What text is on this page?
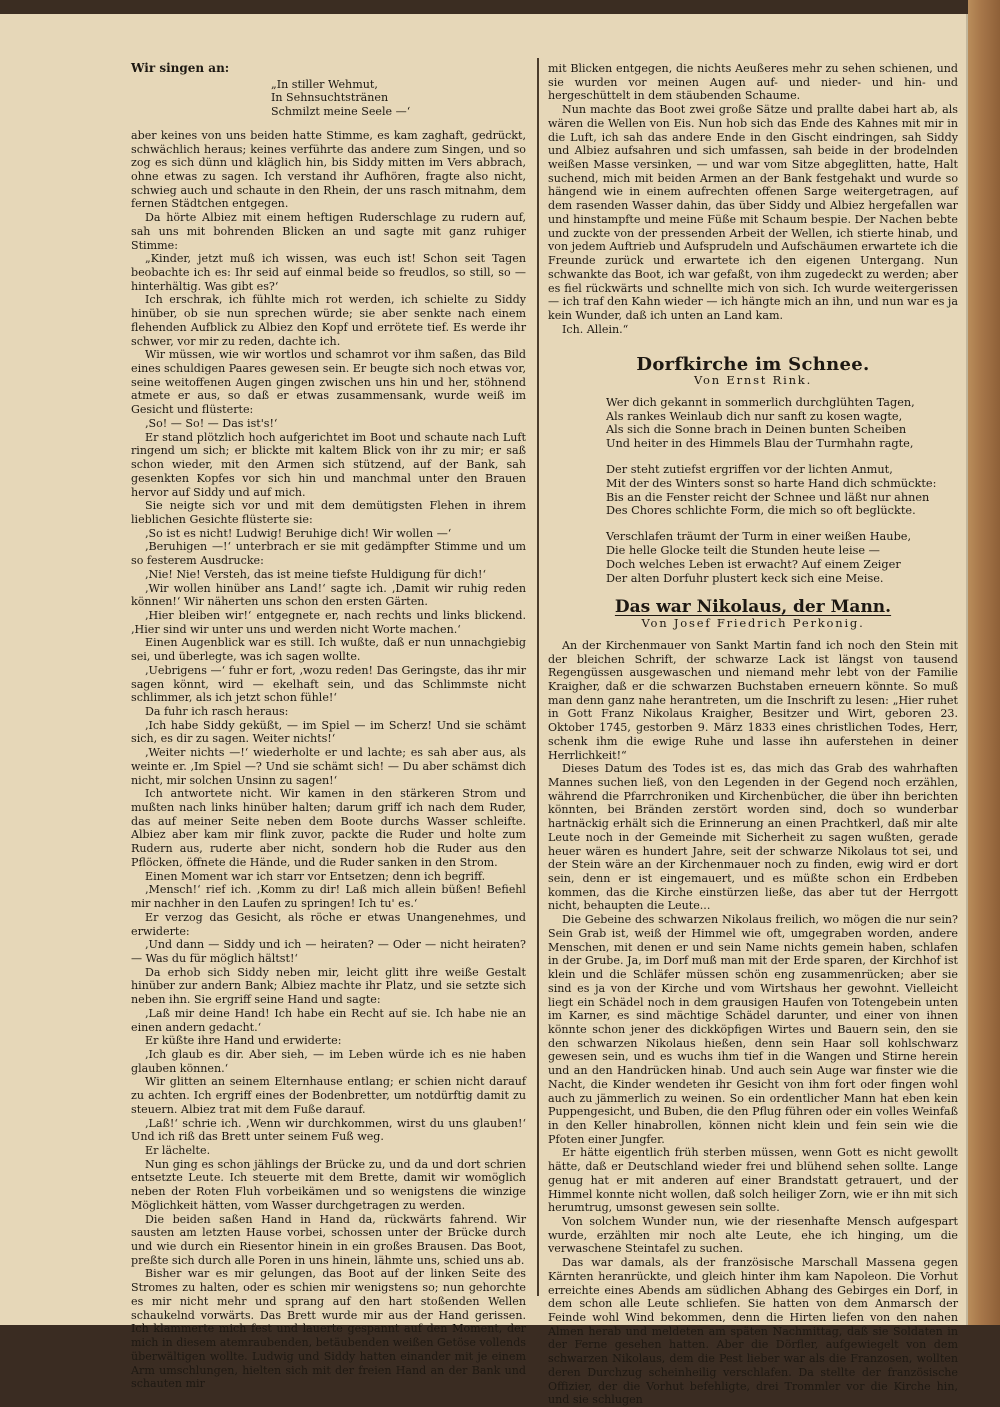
Wir singen an:

„In stiller Wehmut,
In Sehnsuchtstränen
Schmilzt meine Seele —‘

aber keines von uns beiden hatte Stimme, es kam zaghaft, gedrückt, schwächlich heraus; keines verführte das andere zum Singen, und so zog es sich dünn und kläglich hin, bis Siddy mitten im Vers abbrach, ohne etwas zu sagen. Ich verstand ihr Aufhören, fragte also nicht, schwieg auch und schaute in den Rhein, der uns rasch mitnahm, dem fernen Städtchen entgegen.

Da hörte Albiez mit einem heftigen Ruderschlage zu rudern auf, sah uns mit bohrenden Blicken an und sagte mit ganz ruhiger Stimme:

„Kinder, jetzt muß ich wissen, was euch ist! Schon seit Tagen beobachte ich es: Ihr seid auf einmal beide so freudlos, so still, so — hinterhältig. Was gibt es?‘

Ich erschrak, ich fühlte mich rot werden, ich schielte zu Siddy hinüber, ob sie nun sprechen würde; sie aber senkte nach einem flehenden Aufblick zu Albiez den Kopf und errötete tief. Es werde ihr schwer, vor mir zu reden, dachte ich.

Wir müssen, wie wir wortlos und schamrot vor ihm saßen, das Bild eines schuldigen Paares gewesen sein. Er beugte sich noch etwas vor, seine weitoffenen Augen gingen zwischen uns hin und her, stöhnend atmete er aus, so daß er etwas zusammensank, wurde weiß im Gesicht und flüsterte:

‚So! — So! — Das ist's!‘

Er stand plötzlich hoch aufgerichtet im Boot und schaute nach Luft ringend um sich; er blickte mit kaltem Blick von ihr zu mir; er saß schon wieder, mit den Armen sich stützend, auf der Bank, sah gesenkten Kopfes vor sich hin und manchmal unter den Brauen hervor auf Siddy und auf mich.

Sie neigte sich vor und mit dem demütigsten Flehen in ihrem lieblichen Gesichte flüsterte sie:

‚So ist es nicht! Ludwig! Beruhige dich! Wir wollen —‘

‚Beruhigen —!‘ unterbrach er sie mit gedämpfter Stimme und um so festerem Ausdrucke:

‚Nie! Nie! Versteh, das ist meine tiefste Huldigung für dich!‘

‚Wir wollen hinüber ans Land!‘ sagte ich. ‚Damit wir ruhig reden können!‘ Wir näherten uns schon den ersten Gärten.

‚Hier bleiben wir!‘ entgegnete er, nach rechts und links blickend. ‚Hier sind wir unter uns und werden nicht Worte machen.‘

Einen Augenblick war es still. Ich wußte, daß er nun unnachgiebig sei, und überlegte, was ich sagen wollte.

‚Uebrigens —‘ fuhr er fort, ‚wozu reden! Das Geringste, das ihr mir sagen könnt, wird — ekelhaft sein, und das Schlimmste nicht schlimmer, als ich jetzt schon fühle!‘

Da fuhr ich rasch heraus:

‚Ich habe Siddy geküßt, — im Spiel — im Scherz! Und sie schämt sich, es dir zu sagen. Weiter nichts!‘

‚Weiter nichts —!‘ wiederholte er und lachte; es sah aber aus, als weinte er. ‚Im Spiel —? Und sie schämt sich! — Du aber schämst dich nicht, mir solchen Unsinn zu sagen!‘

Ich antwortete nicht. Wir kamen in den stärkeren Strom und mußten nach links hinüber halten; darum griff ich nach dem Ruder, das auf meiner Seite neben dem Boote durchs Wasser schleifte. Albiez aber kam mir flink zuvor, packte die Ruder und holte zum Rudern aus, ruderte aber nicht, sondern hob die Ruder aus den Pflöcken, öffnete die Hände, und die Ruder sanken in den Strom.

Einen Moment war ich starr vor Entsetzen; denn ich begriff.

‚Mensch!‘ rief ich. ‚Komm zu dir! Laß mich allein büßen! Befiehl mir nachher in den Laufen zu springen! Ich tu' es.‘

Er verzog das Gesicht, als röche er etwas Unangenehmes, und erwiderte:

‚Und dann — Siddy und ich — heiraten? — Oder — nicht heiraten? — Was du für möglich hältst!‘

Da erhob sich Siddy neben mir, leicht glitt ihre weiße Gestalt hinüber zur andern Bank; Albiez machte ihr Platz, und sie setzte sich neben ihn. Sie ergriff seine Hand und sagte:

‚Laß mir deine Hand! Ich habe ein Recht auf sie. Ich habe nie an einen andern gedacht.‘

Er küßte ihre Hand und erwiderte:

‚Ich glaub es dir. Aber sieh, — im Leben würde ich es nie haben glauben können.‘

Wir glitten an seinem Elternhause entlang; er schien nicht darauf zu achten. Ich ergriff eines der Bodenbretter, um notdürftig damit zu steuern. Albiez trat mit dem Fuße darauf.

‚Laß!‘ schrie ich. ‚Wenn wir durchkommen, wirst du uns glauben!‘ Und ich riß das Brett unter seinem Fuß weg.

Er lächelte.

Nun ging es schon jählings der Brücke zu, und da und dort schrien entsetzte Leute. Ich steuerte mit dem Brette, damit wir womöglich neben der Roten Fluh vorbeikämen und so wenigstens die winzige Möglichkeit hätten, vom Wasser durchgetragen zu werden.

Die beiden saßen Hand in Hand da, rückwärts fahrend. Wir sausten am letzten Hause vorbei, schossen unter der Brücke durch und wie durch ein Riesentor hinein in ein großes Brausen. Das Boot, preßte sich durch alle Poren in uns hinein, lähmte uns, schied uns ab.

Bisher war es mir gelungen, das Boot auf der linken Seite des Stromes zu halten, oder es schien mir wenigstens so; nun gehorchte es mir nicht mehr und sprang auf den hart stoßenden Wellen schaukelnd vorwärts. Das Brett wurde mir aus der Hand gerissen. Ich klammerte mich fest und lauerte gespannt auf den Moment, der mich in diesem atemraubenden, betäubenden weißen Getöse vollends überwältigen wollte. Ludwig und Siddy hatten einander mit je einem Arm umschlungen, hielten sich mit der freien Hand an der Bank und schauten mir

mit Blicken entgegen, die nichts Aeußeres mehr zu sehen schienen, und sie wurden vor meinen Augen auf- und nieder- und hin- und hergeschüttelt in dem stäubenden Schaume.

Nun machte das Boot zwei große Sätze und prallte dabei hart ab, als wären die Wellen von Eis. Nun hob sich das Ende des Kahnes mit mir in die Luft, ich sah das andere Ende in den Gischt eindringen, sah Siddy und Albiez aufsahren und sich umfassen, sah beide in der brodelnden weißen Masse versinken, — und war vom Sitze abgeglitten, hatte, Halt suchend, mich mit beiden Armen an der Bank festgehakt und wurde so hängend wie in einem aufrechten offenen Sarge weitergetragen, auf dem rasenden Wasser dahin, das über Siddy und Albiez hergefallen war und hinstampfte und meine Füße mit Schaum bespie. Der Nachen bebte und zuckte von der pressenden Arbeit der Wellen, ich stierte hinab, und von jedem Auftrieb und Aufsprudeln und Aufschäumen erwartete ich die Freunde zurück und erwartete ich den eigenen Untergang. Nun schwankte das Boot, ich war gefaßt, von ihm zugedeckt zu werden; aber es fiel rückwärts und schnellte mich von sich. Ich wurde weitergerissen — ich traf den Kahn wieder — ich hängte mich an ihn, und nun war es ja kein Wunder, daß ich unten an Land kam.

Ich. Allein.“

Dorfkirche im Schnee.
Von Ernst Rink.
Wer dich gekannt in sommerlich durchglühten Tagen,
Als rankes Weinlaub dich nur sanft zu kosen wagte,
Als sich die Sonne brach in Deinen bunten Scheiben
Und heiter in des Himmels Blau der Turmhahn ragte,
Der steht zutiefst ergriffen vor der lichten Anmut,
Mit der des Winters sonst so harte Hand dich schmückte:
Bis an die Fenster reicht der Schnee und läßt nur ahnen
Des Chores schlichte Form, die mich so oft beglückte.
Verschlafen träumt der Turm in einer weißen Haube,
Die helle Glocke teilt die Stunden heute leise —
Doch welches Leben ist erwacht? Auf einem Zeiger
Der alten Dorfuhr plustert keck sich eine Meise.
Das war Nikolaus, der Mann.
Von Josef Friedrich Perkonig.

An der Kirchenmauer von Sankt Martin fand ich noch den Stein mit der bleichen Schrift, der schwarze Lack ist längst von tausend Regengüssen ausgewaschen und niemand mehr lebt von der Familie Kraigher, daß er die schwarzen Buchstaben erneuern könnte. So muß man denn ganz nahe herantreten, um die Inschrift zu lesen: „Hier ruhet in Gott Franz Nikolaus Kraigher, Besitzer und Wirt, geboren 23. Oktober 1745, gestorben 9. März 1833 eines christlichen Todes, Herr, schenk ihm die ewige Ruhe und lasse ihn auferstehen in deiner Herrlichkeit!“

Dieses Datum des Todes ist es, das mich das Grab des wahrhaften Mannes suchen ließ, von den Legenden in der Gegend noch erzählen, während die Pfarrchroniken und Kirchenbücher, die über ihn berichten könnten, bei Bränden zerstört worden sind, doch so wunderbar hartnäckig erhält sich die Erinnerung an einen Prachtkerl, daß mir alte Leute noch in der Gemeinde mit Sicherheit zu sagen wußten, gerade heuer wären es hundert Jahre, seit der schwarze Nikolaus tot sei, und der Stein wäre an der Kirchenmauer noch zu finden, ewig wird er dort sein, denn er ist eingemauert, und es müßte schon ein Erdbeben kommen, das die Kirche einstürzen ließe, das aber tut der Herrgott nicht, behaupten die Leute...

Die Gebeine des schwarzen Nikolaus freilich, wo mögen die nur sein? Sein Grab ist, weiß der Himmel wie oft, umgegraben worden, andere Menschen, mit denen er und sein Name nichts gemein haben, schlafen in der Grube. Ja, im Dorf muß man mit der Erde sparen, der Kirchhof ist klein und die Schläfer müssen schön eng zusammenrücken; aber sie sind es ja von der Kirche und vom Wirtshaus her gewohnt. Vielleicht liegt ein Schädel noch in dem grausigen Haufen von Totengebein unten im Karner, es sind mächtige Schädel darunter, und einer von ihnen könnte schon jener des dickköpfigen Wirtes und Bauern sein, den sie den schwarzen Nikolaus hießen, denn sein Haar soll kohlschwarz gewesen sein, und es wuchs ihm tief in die Wangen und Stirne herein und an den Handrücken hinab. Und auch sein Auge war finster wie die Nacht, die Kinder wendeten ihr Gesicht von ihm fort oder fingen wohl auch zu jämmerlich zu weinen. So ein ordentlicher Mann hat eben kein Puppengesicht, und Buben, die den Pflug führen oder ein volles Weinfaß in den Keller hinabrollen, können nicht klein und fein sein wie die Pfoten einer Jungfer.

Er hätte eigentlich früh sterben müssen, wenn Gott es nicht gewollt hätte, daß er Deutschland wieder frei und blühend sehen sollte. Lange genug hat er mit anderen auf einer Brandstatt getrauert, und der Himmel konnte nicht wollen, daß solch heiliger Zorn, wie er ihn mit sich herumtrug, umsonst gewesen sein sollte.

Von solchem Wunder nun, wie der riesenhafte Mensch aufgespart wurde, erzählten mir noch alte Leute, ehe ich hinging, um die verwaschene Steintafel zu suchen.

Das war damals, als der französische Marschall Massena gegen Kärnten heranrückte, und gleich hinter ihm kam Napoleon. Die Vorhut erreichte eines Abends am südlichen Abhang des Gebirges ein Dorf, in dem schon alle Leute schliefen. Sie hatten von dem Anmarsch der Feinde wohl Wind bekommen, denn die Hirten liefen von den nahen Almen herab und meldeten am späten Nachmittag, daß sie Soldaten in der Ferne gesehen hatten. Aber die Dörfler, aufgewiegelt von dem schwarzen Nikolaus, dem die Pest lieber war als die Franzosen, wollten deren Durchzug scheinheilig verschlafen. Da stellte der französische Offizier, der die Vorhut befehligte, drei Trommler vor die Kirche hin, und sie schlugen
